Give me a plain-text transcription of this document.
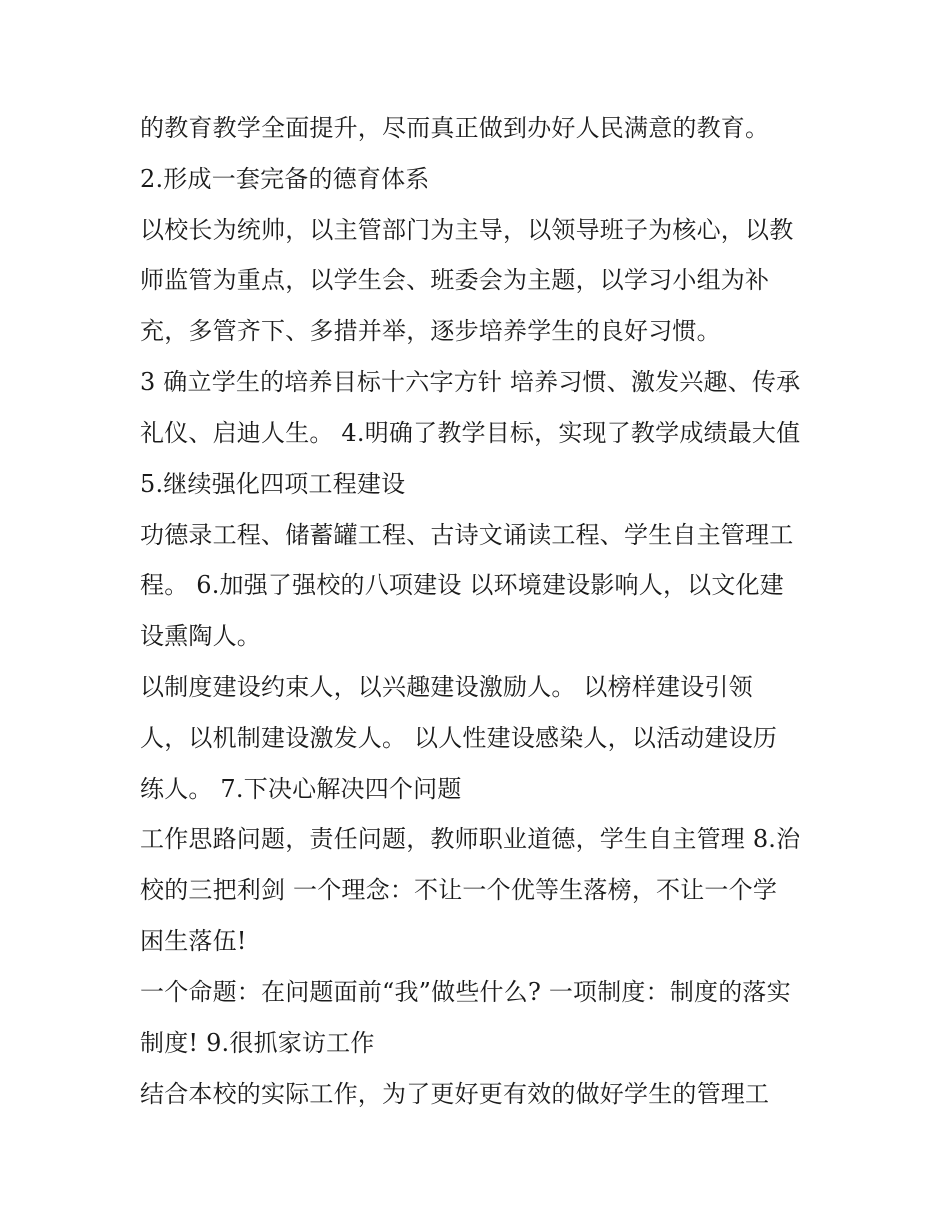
的教育教学全面提升，尽而真正做到办好人民满意的教育。
2.形成一套完备的德育体系
以校长为统帅，以主管部门为主导，以领导班子为核心，以教
师监管为重点，以学生会、班委会为主题，以学习小组为补
充，多管齐下、多措并举，逐步培养学生的良好习惯。
3 确立学生的培养目标十六字方针 培养习惯、激发兴趣、传承
礼仪、启迪人生。 4.明确了教学目标，实现了教学成绩最大值
5.继续强化四项工程建设
功德录工程、储蓄罐工程、古诗文诵读工程、学生自主管理工
程。 6.加强了强校的八项建设 以环境建设影响人，以文化建
设熏陶人。
以制度建设约束人，以兴趣建设激励人。 以榜样建设引领
人，以机制建设激发人。 以人性建设感染人，以活动建设历
练人。 7.下决心解决四个问题
工作思路问题，责任问题，教师职业道德，学生自主管理 8.治
校的三把利剑 一个理念：不让一个优等生落榜，不让一个学
困生落伍!
一个命题：在问题面前“我”做些什么? 一项制度：制度的落实
制度! 9.很抓家访工作
结合本校的实际工作，为了更好更有效的做好学生的管理工
